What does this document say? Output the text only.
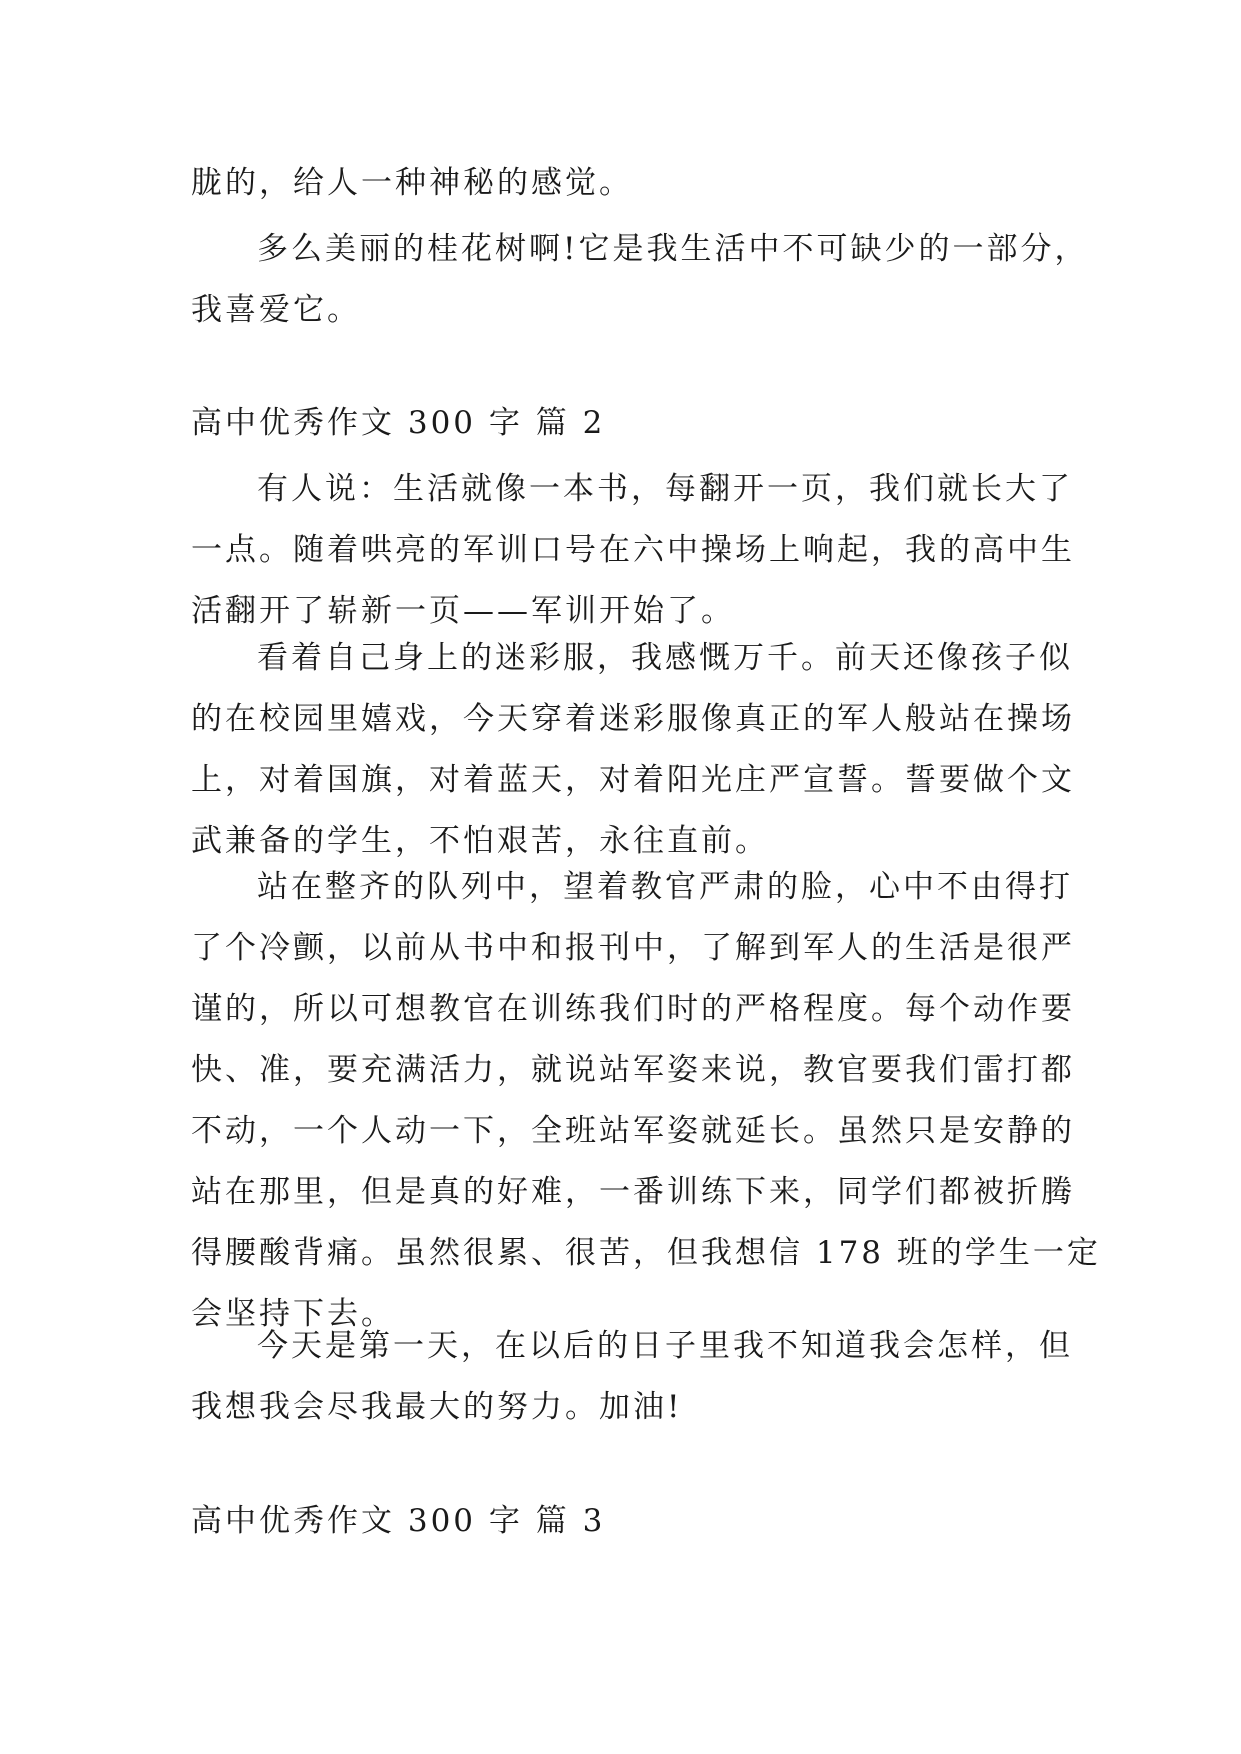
胧的，给人一种神秘的感觉。
多么美丽的桂花树啊!它是我生活中不可缺少的一部分，
我喜爱它。
高中优秀作文 300 字 篇 2
有人说：生活就像一本书，每翻开一页，我们就长大了
一点。随着哄亮的军训口号在六中操场上响起，我的高中生
活翻开了崭新一页——军训开始了。
看着自己身上的迷彩服，我感慨万千。前天还像孩子似
的在校园里嬉戏，今天穿着迷彩服像真正的军人般站在操场
上，对着国旗，对着蓝天，对着阳光庄严宣誓。誓要做个文
武兼备的学生，不怕艰苦，永往直前。
站在整齐的队列中，望着教官严肃的脸，心中不由得打
了个冷颤，以前从书中和报刊中，了解到军人的生活是很严
谨的，所以可想教官在训练我们时的严格程度。每个动作要
快、准，要充满活力，就说站军姿来说，教官要我们雷打都
不动，一个人动一下，全班站军姿就延长。虽然只是安静的
站在那里，但是真的好难，一番训练下来，同学们都被折腾
得腰酸背痛。虽然很累、很苦，但我想信 178 班的学生一定
会坚持下去。
今天是第一天，在以后的日子里我不知道我会怎样，但
我想我会尽我最大的努力。加油!
高中优秀作文 300 字 篇 3
